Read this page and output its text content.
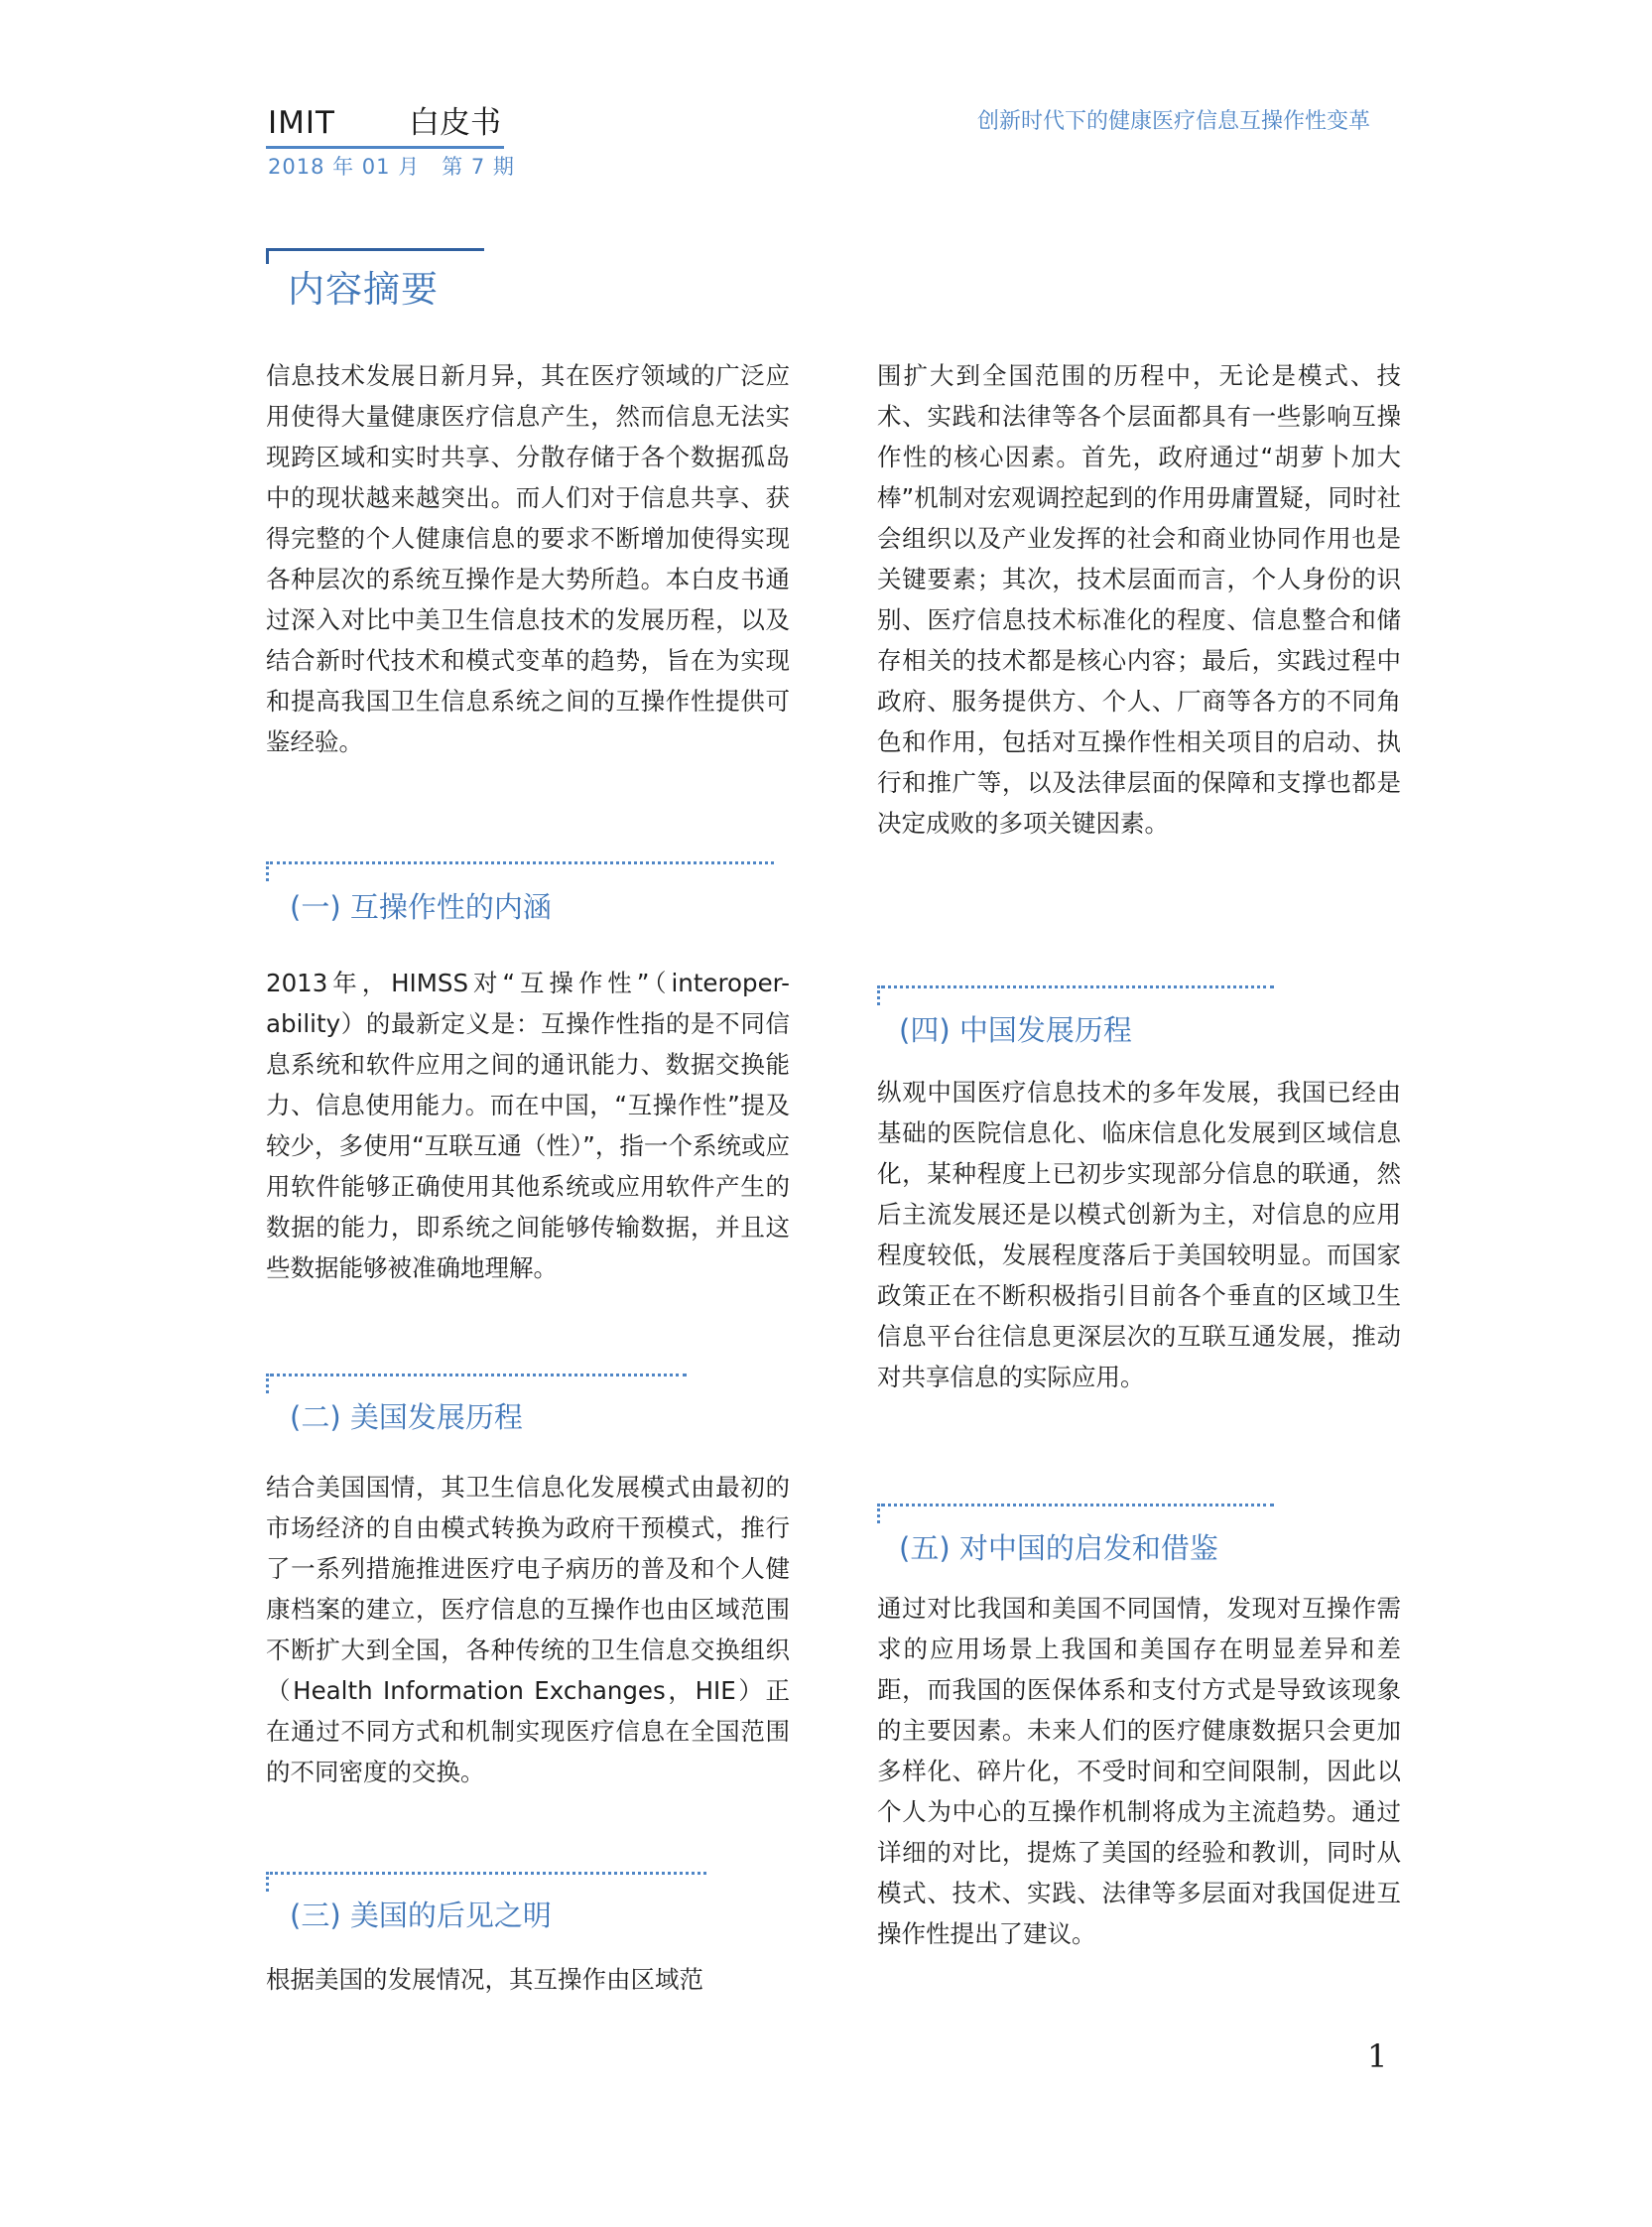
IMIT 白皮书
2018 年 01 月　第 7 期
创新时代下的健康医疗信息互操作性变革
内容摘要

信息技术发展日新月异，其在医疗领域的广泛应用使得大量健康医疗信息产生，然而信息无法实现跨区域和实时共享、分散存储于各个数据孤岛中的现状越来越突出。而人们对于信息共享、获得完整的个人健康信息的要求不断增加使得实现各种层次的系统互操作是大势所趋。本白皮书通过深入对比中美卫生信息技术的发展历程，以及结合新时代技术和模式变革的趋势，旨在为实现和提高我国卫生信息系统之间的互操作性提供可鉴经验。

(一) 互操作性的内涵

2013年，HIMSS对“互操作性”（interoper-ability）的最新定义是：互操作性指的是不同信息系统和软件应用之间的通讯能力、数据交换能力、信息使用能力。而在中国，“互操作性”提及较少，多使用“互联互通（性）”，指一个系统或应用软件能够正确使用其他系统或应用软件产生的数据的能力，即系统之间能够传输数据，并且这些数据能够被准确地理解。

(二) 美国发展历程

结合美国国情，其卫生信息化发展模式由最初的市场经济的自由模式转换为政府干预模式，推行了一系列措施推进医疗电子病历的普及和个人健康档案的建立，医疗信息的互操作也由区域范围不断扩大到全国，各种传统的卫生信息交换组织（Health Information Exchanges，HIE）正在通过不同方式和机制实现医疗信息在全国范围的不同密度的交换。

(三) 美国的后见之明

根据美国的发展情况，其互操作由区域范

围扩大到全国范围的历程中，无论是模式、技术、实践和法律等各个层面都具有一些影响互操作性的核心因素。首先，政府通过“胡萝卜加大棒”机制对宏观调控起到的作用毋庸置疑，同时社会组织以及产业发挥的社会和商业协同作用也是关键要素；其次，技术层面而言，个人身份的识别、医疗信息技术标准化的程度、信息整合和储存相关的技术都是核心内容；最后，实践过程中政府、服务提供方、个人、厂商等各方的不同角色和作用，包括对互操作性相关项目的启动、执行和推广等，以及法律层面的保障和支撑也都是决定成败的多项关键因素。

(四) 中国发展历程

纵观中国医疗信息技术的多年发展，我国已经由基础的医院信息化、临床信息化发展到区域信息化，某种程度上已初步实现部分信息的联通，然后主流发展还是以模式创新为主，对信息的应用程度较低，发展程度落后于美国较明显。而国家政策正在不断积极指引目前各个垂直的区域卫生信息平台往信息更深层次的互联互通发展，推动对共享信息的实际应用。

(五) 对中国的启发和借鉴

通过对比我国和美国不同国情，发现对互操作需求的应用场景上我国和美国存在明显差异和差距，而我国的医保体系和支付方式是导致该现象的主要因素。未来人们的医疗健康数据只会更加多样化、碎片化，不受时间和空间限制，因此以个人为中心的互操作机制将成为主流趋势。通过详细的对比，提炼了美国的经验和教训，同时从模式、技术、实践、法律等多层面对我国促进互操作性提出了建议。

1
